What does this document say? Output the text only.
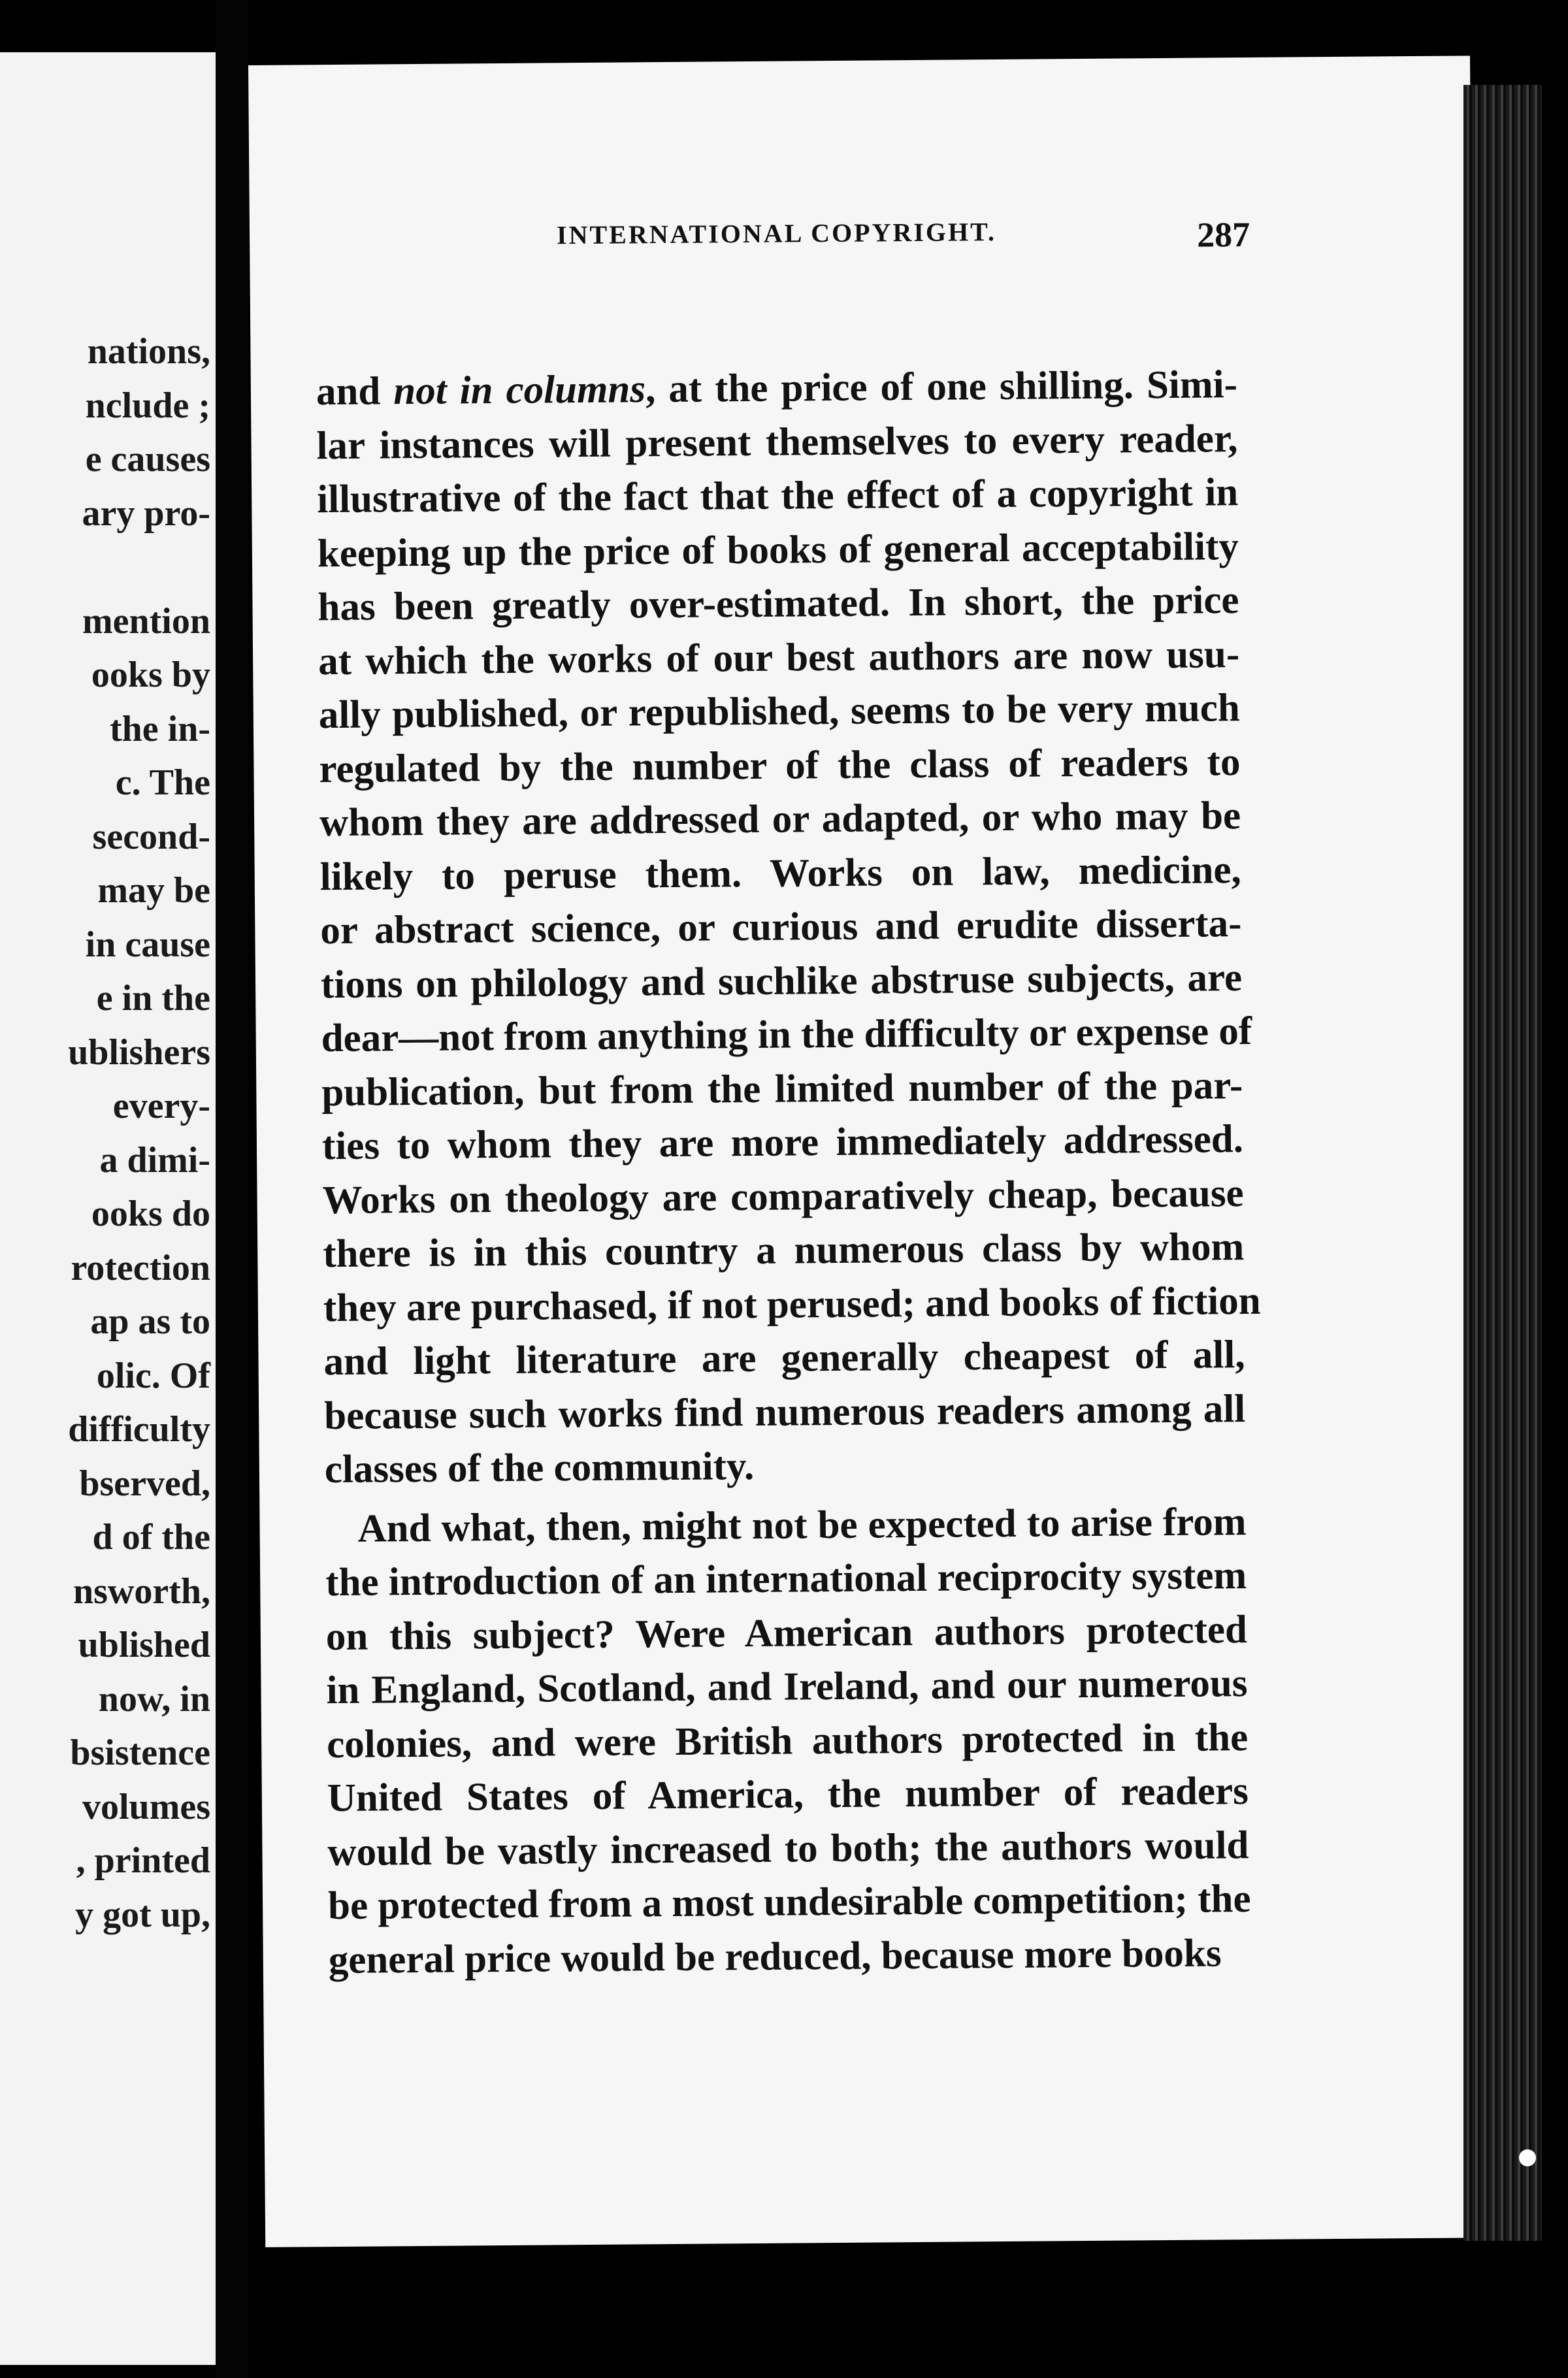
nations,
nclude ;
e causes
ary pro-
mention
ooks by
the in-
c. The
second-
may be
in cause
e in the
ublishers
every-
a dimi-
ooks do
rotection
ap as to
olic. Of
difficulty
bserved,
d of the
nsworth,
ublished
now, in
bsistence
volumes
, printed
y got up,
INTERNATIONAL COPYRIGHT.	287
and not in columns, at the price of one shilling. Simi-
lar instances will present themselves to every reader,
illustrative of the fact that the effect of a copyright in
keeping up the price of books of general acceptability
has been greatly over-estimated. In short, the price
at which the works of our best authors are now usu-
ally published, or republished, seems to be very much
regulated by the number of the class of readers to
whom they are addressed or adapted, or who may be
likely to peruse them. Works on law, medicine,
or abstract science, or curious and erudite disserta-
tions on philology and suchlike abstruse subjects, are
dear—not from anything in the difficulty or expense of
publication, but from the limited number of the par-
ties to whom they are more immediately addressed.
Works on theology are comparatively cheap, because
there is in this country a numerous class by whom
they are purchased, if not perused; and books of fiction
and light literature are generally cheapest of all,
because such works find numerous readers among all
classes of the community.
And what, then, might not be expected to arise from
the introduction of an international reciprocity system
on this subject? Were American authors protected
in England, Scotland, and Ireland, and our numerous
colonies, and were British authors protected in the
United States of America, the number of readers
would be vastly increased to both; the authors would
be protected from a most undesirable competition; the
general price would be reduced, because more books
